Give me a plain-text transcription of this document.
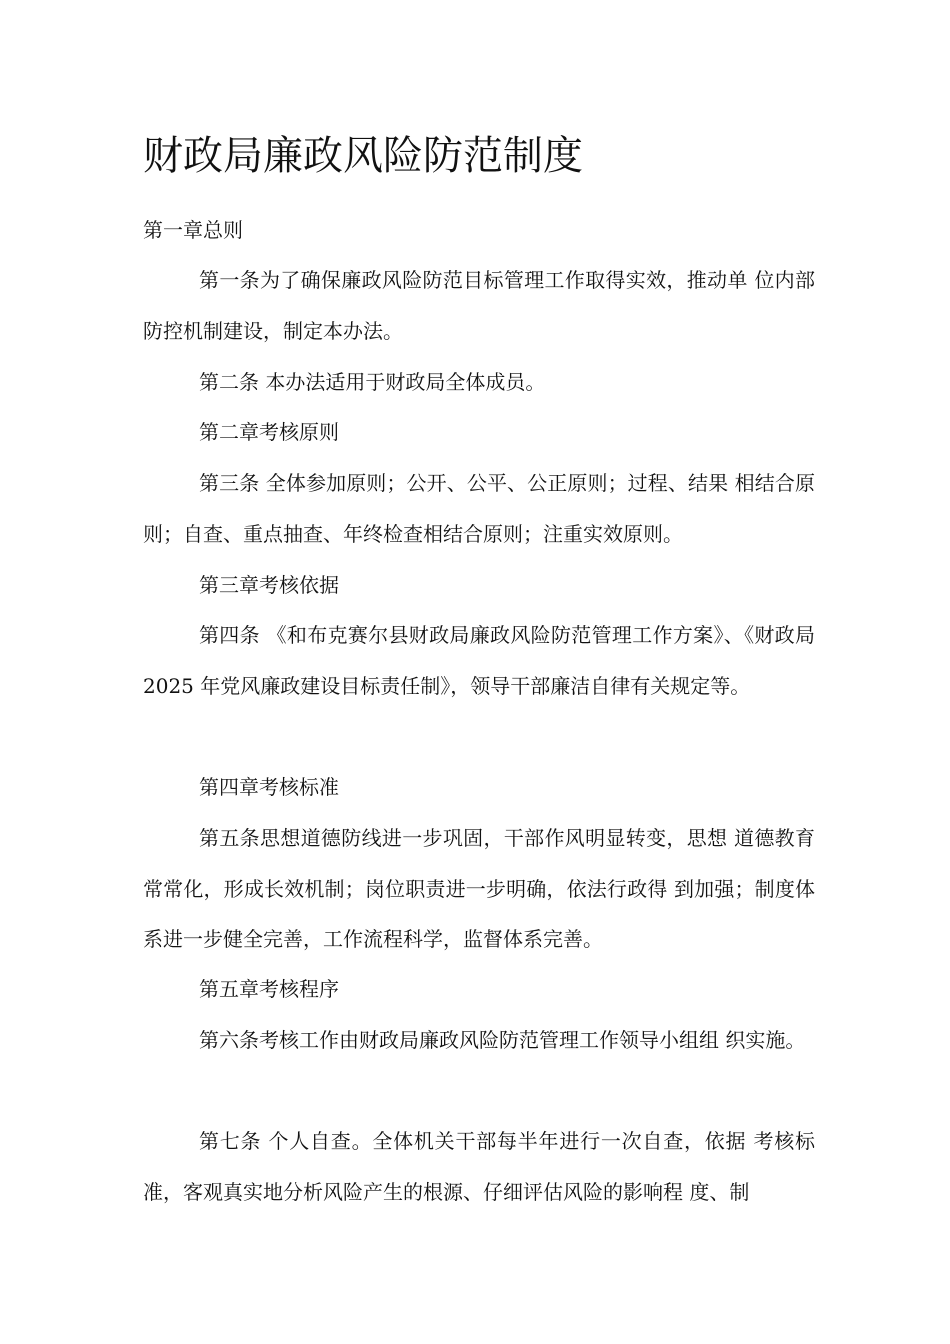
财政局廉政风险防范制度

第一章总则

第一条为了确保廉政风险防范目标管理工作取得实效，推动单 位内部防控机制建设，制定本办法。

第二条 本办法适用于财政局全体成员。

第二章考核原则

第三条 全体参加原则；公开、公平、公正原则；过程、结果 相结合原则；自查、重点抽查、年终检查相结合原则；注重实效原则。

第三章考核依据

第四条 《和布克赛尔县财政局廉政风险防范管理工作方案》、《财政局 2025 年党风廉政建设目标责任制》，领导干部廉洁自律有关规定等。

第四章考核标准

第五条思想道德防线进一步巩固，干部作风明显转变，思想 道德教育常常化，形成长效机制；岗位职责进一步明确，依法行政得 到加强；制度体系进一步健全完善，工作流程科学，监督体系完善。

第五章考核程序

第六条考核工作由财政局廉政风险防范管理工作领导小组组 织实施。

第七条 个人自查。全体机关干部每半年进行一次自查，依据 考核标准，客观真实地分析风险产生的根源、仔细评估风险的影响程 度、制
